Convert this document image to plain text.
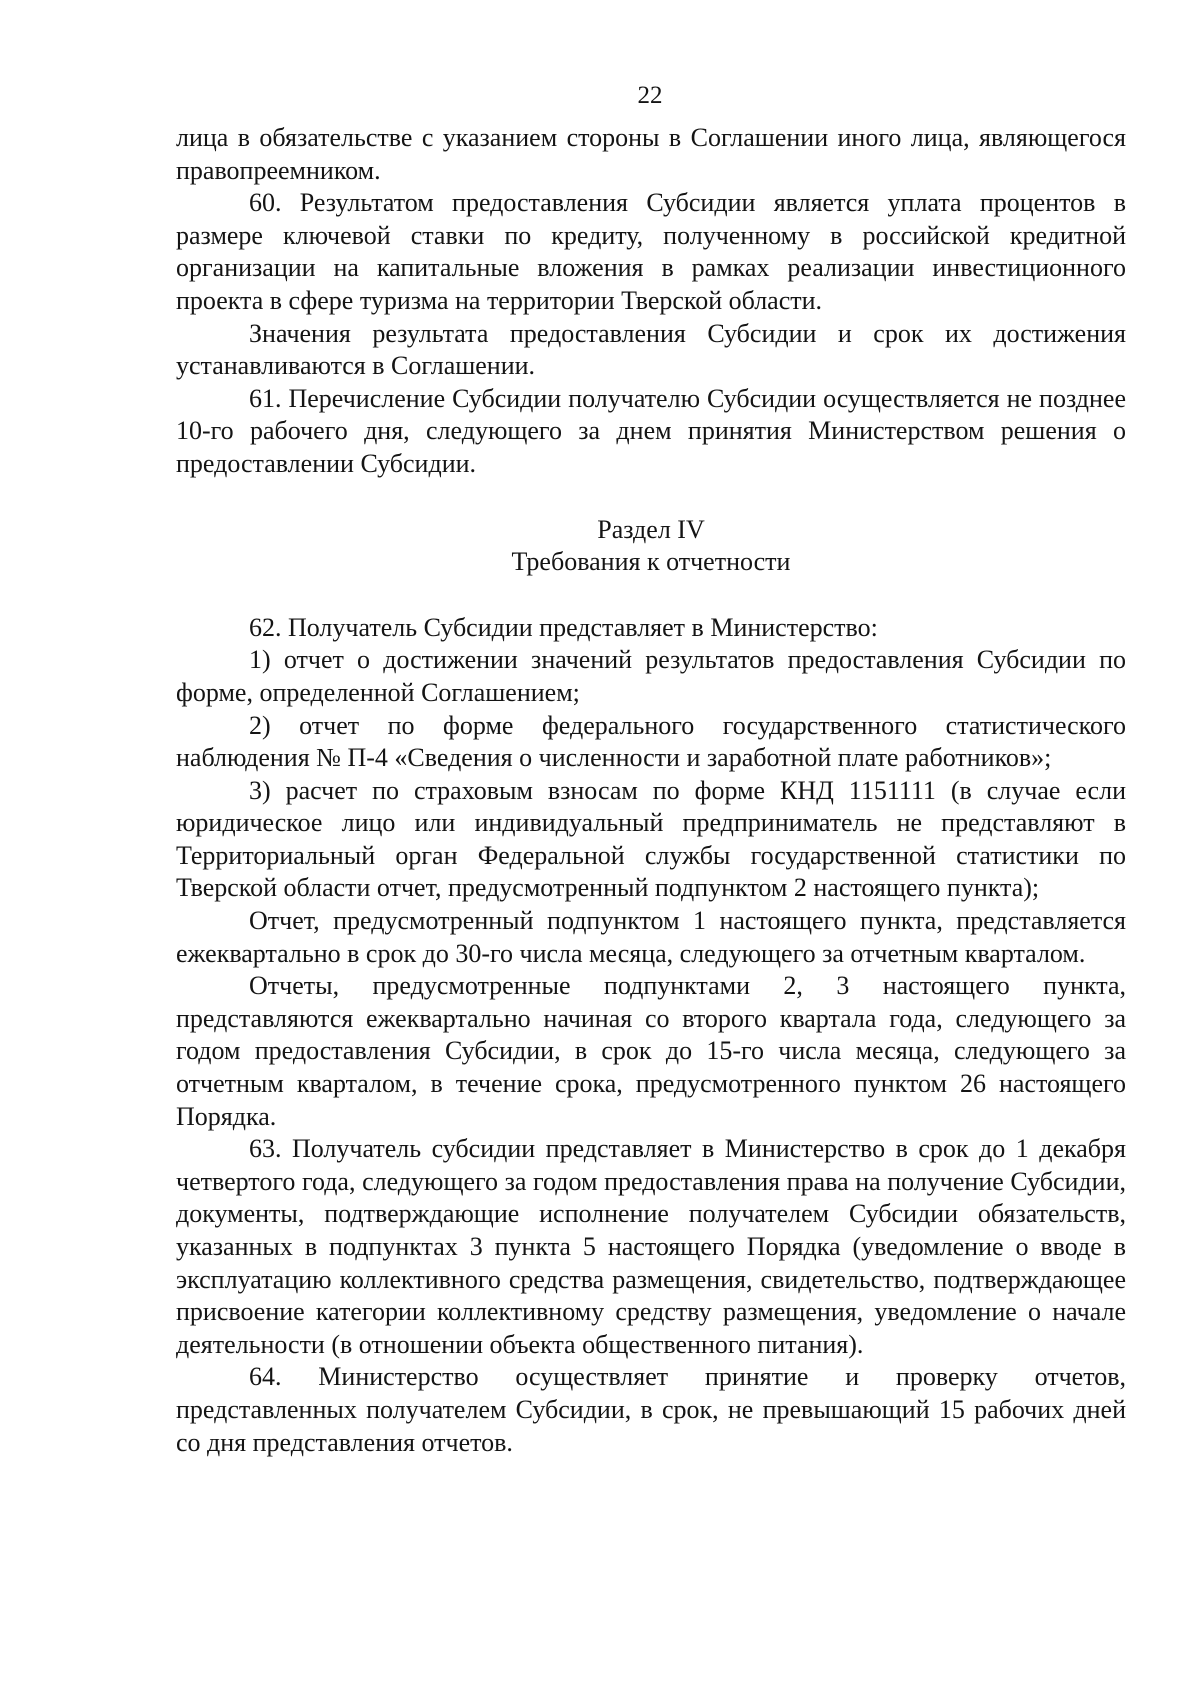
22

лица в обязательстве с указанием стороны в Соглашении иного лица, являющегося правопреемником.

60. Результатом предоставления Субсидии является уплата процентов в размере ключевой ставки по кредиту, полученному в российской кредитной организации на капитальные вложения в рамках реализации инвестиционного проекта в сфере туризма на территории Тверской области.

Значения результата предоставления Субсидии и срок их достижения устанавливаются в Соглашении.

61. Перечисление Субсидии получателю Субсидии осуществляется не позднее 10-го рабочего дня, следующего за днем принятия Министерством решения о предоставлении Субсидии.

Раздел IV

Требования к отчетности

62. Получатель Субсидии представляет в Министерство:

1) отчет о достижении значений результатов предоставления Субсидии по форме, определенной Соглашением;

2) отчет по форме федерального государственного статистического наблюдения № П-4 «Сведения о численности и заработной плате работников»;

3) расчет по страховым взносам по форме КНД 1151111 (в случае если юридическое лицо или индивидуальный предприниматель не представляют в Территориальный орган Федеральной службы государственной статистики по Тверской области отчет, предусмотренный подпунктом 2 настоящего пункта);

Отчет, предусмотренный подпунктом 1 настоящего пункта, представляется ежеквартально в срок до 30-го числа месяца, следующего за отчетным кварталом.

Отчеты, предусмотренные подпунктами 2, 3 настоящего пункта, представляются ежеквартально начиная со второго квартала года, следующего за годом предоставления Субсидии, в срок до 15-го числа месяца, следующего за отчетным кварталом, в течение срока, предусмотренного пунктом 26 настоящего Порядка.

63. Получатель субсидии представляет в Министерство в срок до 1 декабря четвертого года, следующего за годом предоставления права на получение Субсидии, документы, подтверждающие исполнение получателем Субсидии обязательств, указанных в подпунктах 3 пункта 5 настоящего Порядка (уведомление о вводе в эксплуатацию коллективного средства размещения, свидетельство, подтверждающее присвоение категории коллективному средству размещения, уведомление о начале деятельности (в отношении объекта общественного питания).

64. Министерство осуществляет принятие и проверку отчетов, представленных получателем Субсидии, в срок, не превышающий 15 рабочих дней со дня представления отчетов.
